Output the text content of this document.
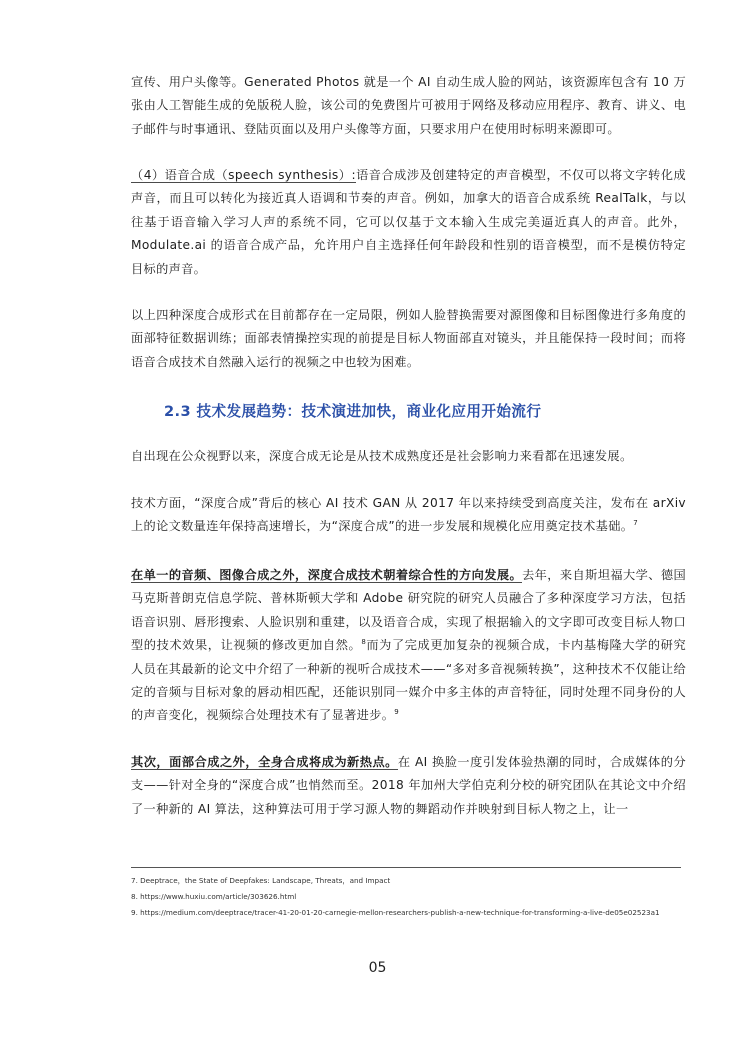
宣传、用户头像等。Generated Photos 就是一个 AI 自动生成人脸的网站，该资源库包含有 10 万张由人工智能生成的免版税人脸，该公司的免费图片可被用于网络及移动应用程序、教育、讲义、电子邮件与时事通讯、登陆页面以及用户头像等方面，只要求用户在使用时标明来源即可。

（4）语音合成（speech synthesis）:语音合成涉及创建特定的声音模型，不仅可以将文字转化成声音，而且可以转化为接近真人语调和节奏的声音。例如，加拿大的语音合成系统 RealTalk，与以往基于语音输入学习人声的系统不同，它可以仅基于文本输入生成完美逼近真人的声音。此外，Modulate.ai 的语音合成产品，允许用户自主选择任何年龄段和性别的语音模型，而不是模仿特定目标的声音。

以上四种深度合成形式在目前都存在一定局限，例如人脸替换需要对源图像和目标图像进行多角度的面部特征数据训练；面部表情操控实现的前提是目标人物面部直对镜头，并且能保持一段时间；而将语音合成技术自然融入运行的视频之中也较为困难。

2.3 技术发展趋势：技术演进加快，商业化应用开始流行

自出现在公众视野以来，深度合成无论是从技术成熟度还是社会影响力来看都在迅速发展。

技术方面，“深度合成”背后的核心 AI 技术 GAN 从 2017 年以来持续受到高度关注，发布在 arXiv 上的论文数量连年保持高速增长，为“深度合成”的进一步发展和规模化应用奠定技术基础。$^7$

在单一的音频、图像合成之外，深度合成技术朝着综合性的方向发展。去年，来自斯坦福大学、德国马克斯普朗克信息学院、普林斯顿大学和 Adobe 研究院的研究人员融合了多种深度学习方法，包括语音识别、唇形搜索、人脸识别和重建，以及语音合成，实现了根据输入的文字即可改变目标人物口型的技术效果，让视频的修改更加自然。$^8$而为了完成更加复杂的视频合成，卡内基梅隆大学的研究人员在其最新的论文中介绍了一种新的视听合成技术——“多对多音视频转换”，这种技术不仅能让给定的音频与目标对象的唇动相匹配，还能识别同一媒介中多主体的声音特征，同时处理不同身份的人的声音变化，视频综合处理技术有了显著进步。$^9$

其次，面部合成之外，全身合成将成为新热点。在 AI 换脸一度引发体验热潮的同时，合成媒体的分支——针对全身的“深度合成”也悄然而至。2018 年加州大学伯克利分校的研究团队在其论文中介绍了一种新的 AI 算法，这种算法可用于学习源人物的舞蹈动作并映射到目标人物之上，让一

7. Deeptrace，the State of Deepfakes: Landscape, Threats，and Impact

8. https://www.huxiu.com/article/303626.html

9. https://medium.com/deeptrace/tracer-41-20-01-20-carnegie-mellon-researchers-publish-a-new-technique-for-transforming-a-live-de05e02523a1

05
